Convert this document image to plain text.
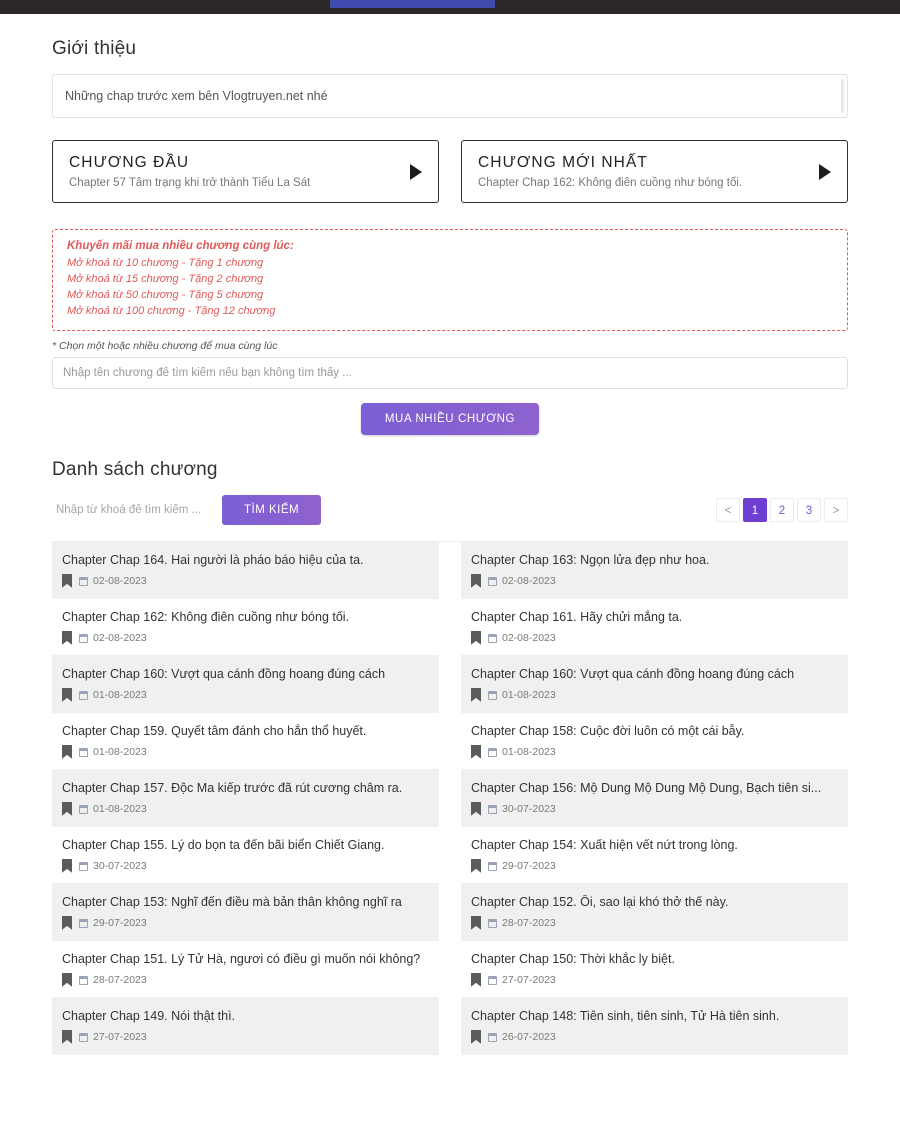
Giới thiệu
Những chap trước xem bên Vlogtruyen.net nhé
CHƯƠNG ĐẦU
Chapter 57 Tâm trạng khi trở thành Tiểu La Sát
CHƯƠNG MỚI NHẤT
Chapter Chap 162: Không điên cuồng như bóng tối.
Khuyến mãi mua nhiều chương cùng lúc:
Mở khoá từ 10 chương - Tặng 1 chương
Mở khoá từ 15 chương - Tặng 2 chương
Mở khoá từ 50 chương - Tặng 5 chương
Mở khoá từ 100 chương - Tặng 12 chương
* Chọn một hoặc nhiều chương để mua cùng lúc
Nhập tên chương để tìm kiếm nếu bạn không tìm thấy ...
MUA NHIỀU CHƯƠNG
Danh sách chương
Nhập từ khoá để tìm kiếm ...
TÌM KIẾM	<	1	2	3	>
Chapter Chap 164. Hai người là pháo báo hiệu của ta.
02-08-2023
Chapter Chap 163: Ngọn lửa đẹp như hoa.
02-08-2023
Chapter Chap 162: Không điên cuồng như bóng tối.
02-08-2023
Chapter Chap 161. Hãy chửi mắng ta.
02-08-2023
Chapter Chap 160: Vượt qua cánh đồng hoang đúng cách
01-08-2023
Chapter Chap 160: Vượt qua cánh đồng hoang đúng cách
01-08-2023
Chapter Chap 159. Quyết tâm đánh cho hắn thổ huyết.
01-08-2023
Chapter Chap 158: Cuộc đời luôn có một cái bẫy.
01-08-2023
Chapter Chap 157. Độc Ma kiếp trước đã rút cương châm ra.
01-08-2023
Chapter Chap 156: Mộ Dung Mộ Dung Mộ Dung, Bạch tiên si...
30-07-2023
Chapter Chap 155. Lý do bọn ta đến bãi biển Chiết Giang.
30-07-2023
Chapter Chap 154: Xuất hiện vết nứt trong lòng.
29-07-2023
Chapter Chap 153: Nghĩ đến điều mà bản thân không nghĩ ra
29-07-2023
Chapter Chap 152. Ôi, sao lại khó thở thế này.
28-07-2023
Chapter Chap 151. Lý Tử Hà, ngươi có điều gì muốn nói không?
28-07-2023
Chapter Chap 150: Thời khắc ly biệt.
27-07-2023
Chapter Chap 149. Nói thật thì.
27-07-2023
Chapter Chap 148: Tiên sinh, tiên sinh, Tử Hà tiên sinh.
26-07-2023
